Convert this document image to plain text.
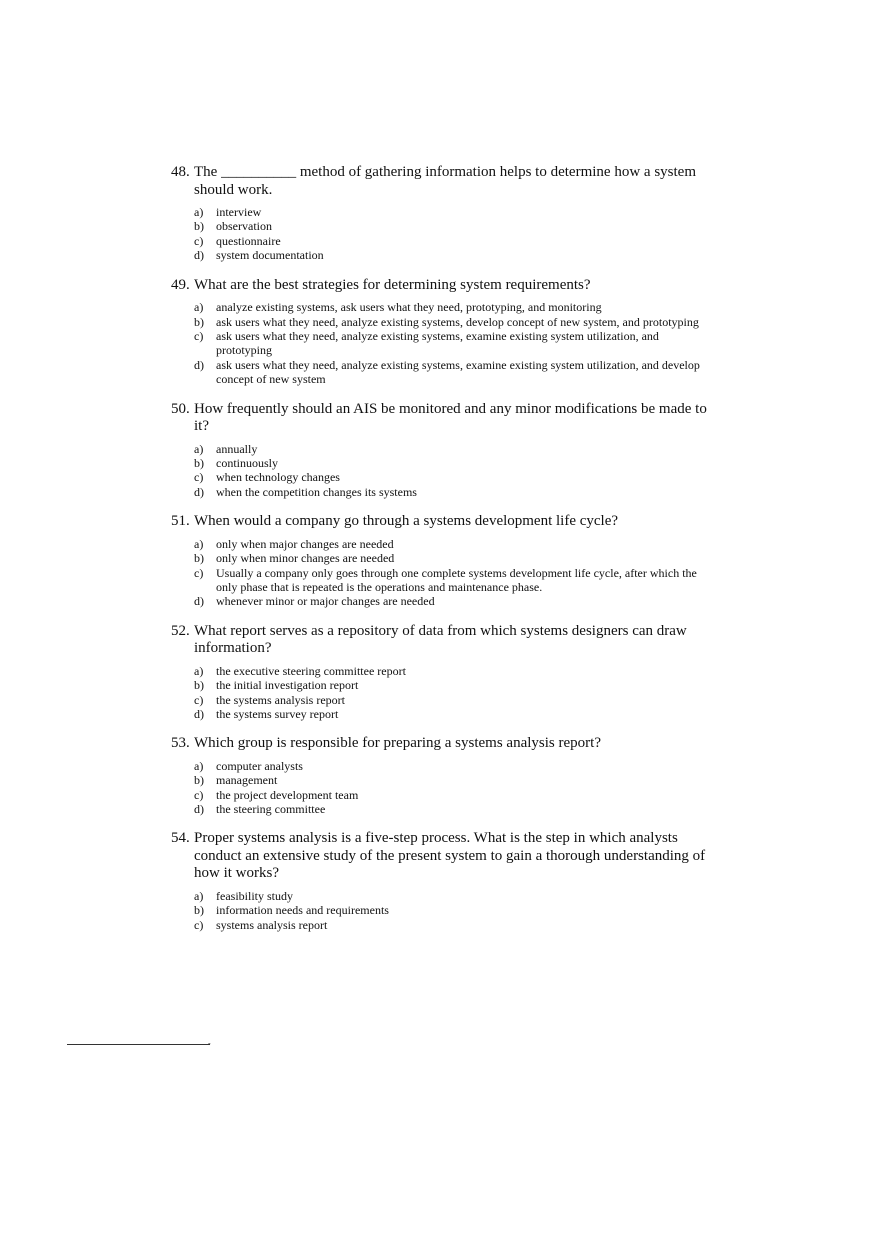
48. The __________ method of gathering information helps to determine how a system should work.
a)	interview
b)	observation
c)	questionnaire
d)	system documentation
49. What are the best strategies for determining system requirements?
a)	analyze existing systems, ask users what they need, prototyping, and monitoring
b)	ask users what they need, analyze existing systems, develop concept of new system, and prototyping
c)	ask users what they need, analyze existing systems, examine existing system utilization, and prototyping
d)	ask users what they need, analyze existing systems, examine existing system utilization, and develop concept of new system
50. How frequently should an AIS be monitored and any minor modifications be made to it?
a)	annually
b)	continuously
c)	when technology changes
d)	when the competition changes its systems
51. When would a company go through a systems development life cycle?
a)	only when major changes are needed
b)	only when minor changes are needed
c)	Usually a company only goes through one complete systems development life cycle, after which the only phase that is repeated is the operations and maintenance phase.
d)	whenever minor or major changes are needed
52. What report serves as a repository of data from which systems designers can draw information?
a)	the executive steering committee report
b)	the initial investigation report
c)	the systems analysis report
d)	the systems survey report
53. Which group is responsible for preparing a systems analysis report?
a)	computer analysts
b)	management
c)	the project development team
d)	the steering committee
54. Proper systems analysis is a five-step process. What is the step in which analysts conduct an extensive study of the present system to gain a thorough understanding of how it works?
a)	feasibility study
b)	information needs and requirements
c)	systems analysis report
-
